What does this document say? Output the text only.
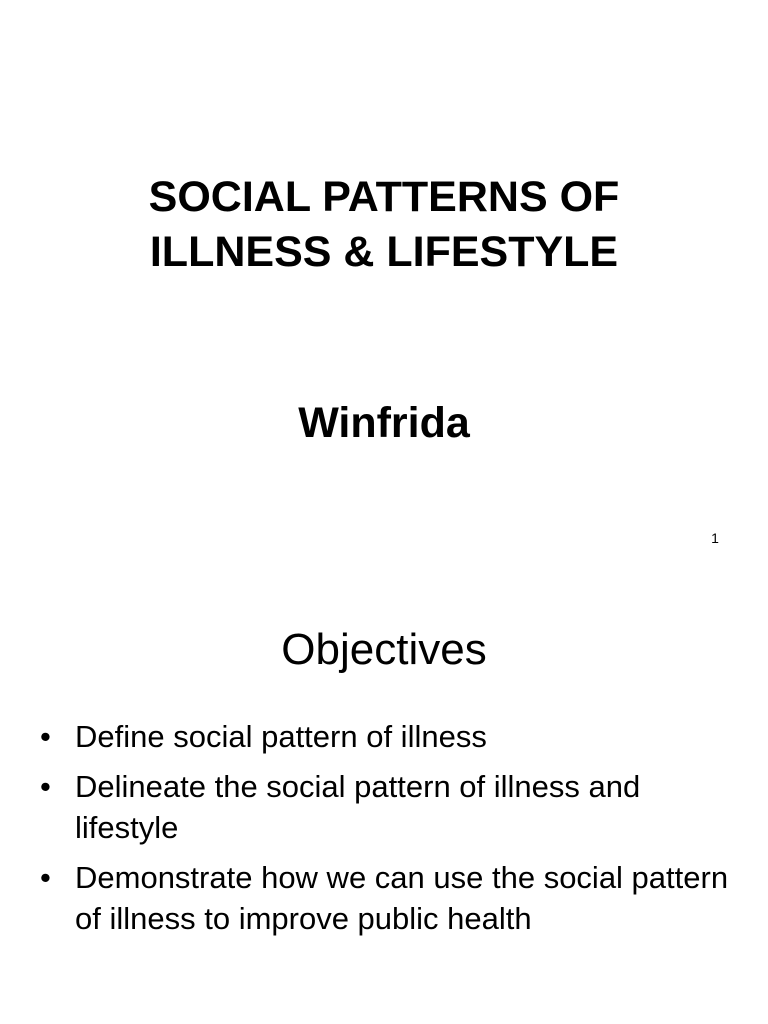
SOCIAL PATTERNS OF
ILLNESS & LIFESTYLE
Winfrida
1
Objectives
• Define social pattern of illness
• Delineate the social pattern of illness and lifestyle
• Demonstrate how we can use the social pattern of illness to improve public health
